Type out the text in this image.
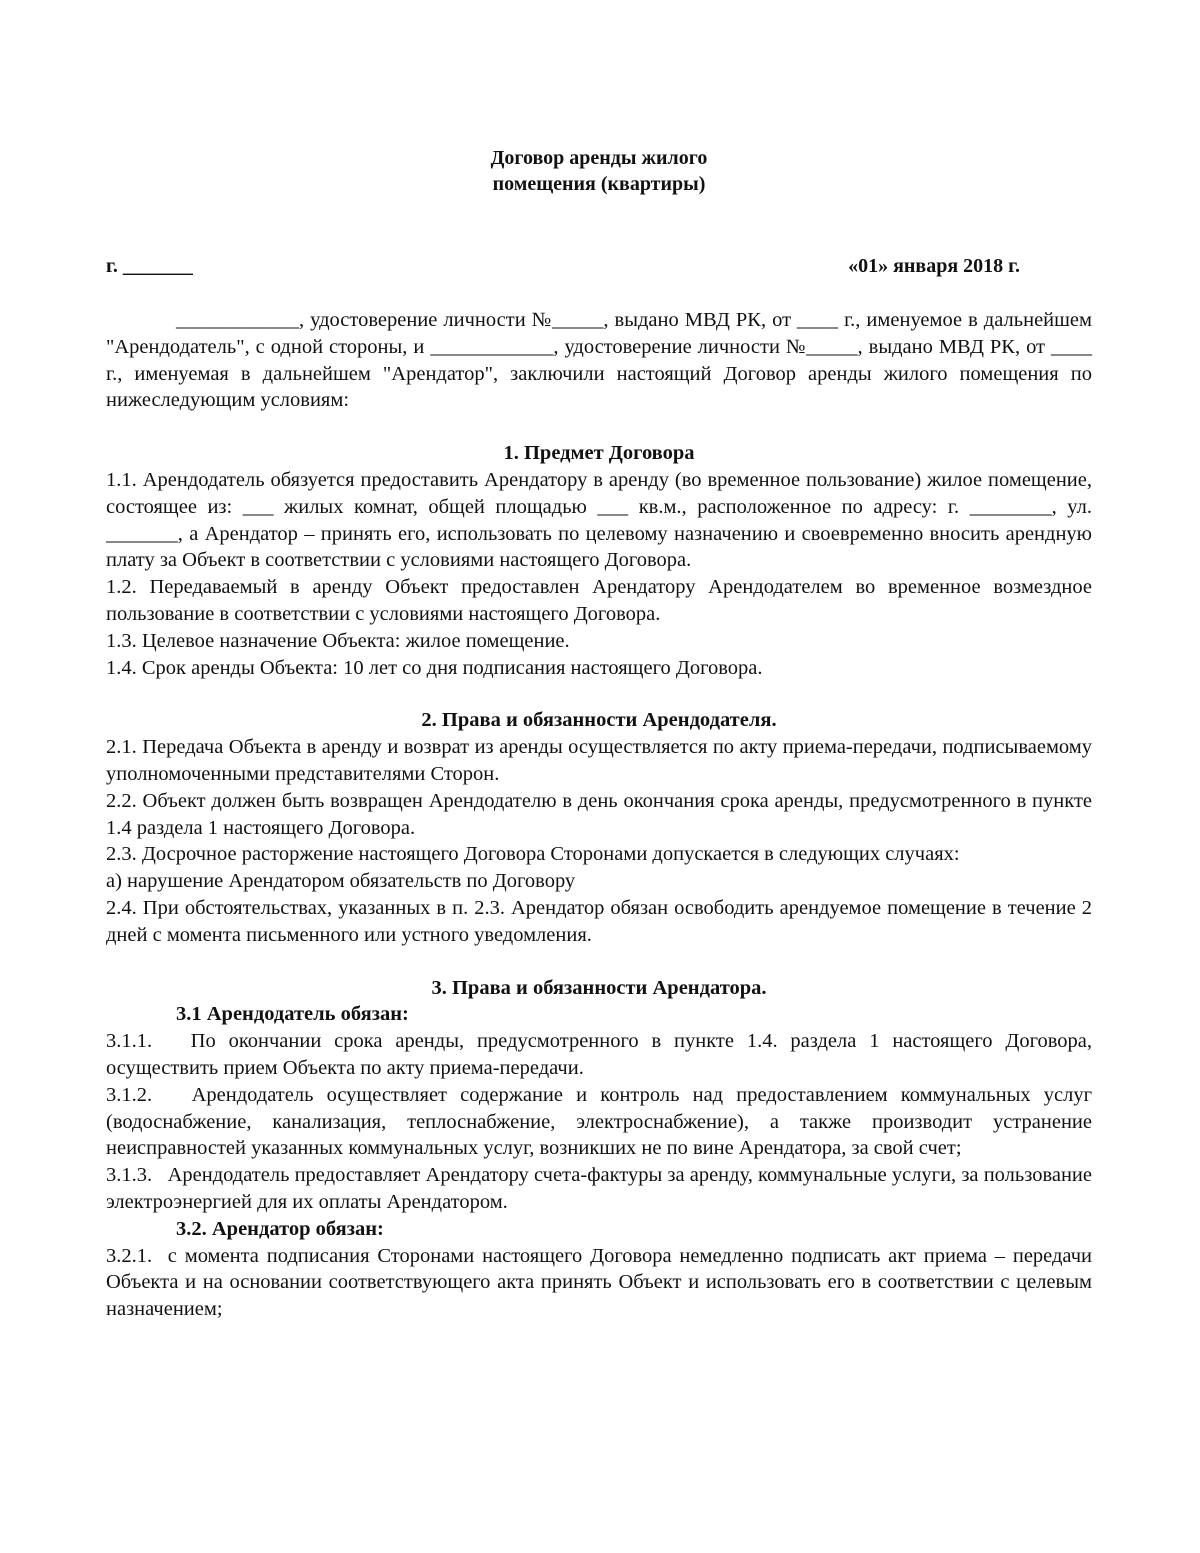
Договор аренды жилого
помещения (квартиры)
г. _______	«01» января 2018 г.

____________, удостоверение личности №_____, выдано МВД РК, от ____ г., именуемое в дальнейшем "Арендодатель", с одной стороны, и ____________, удостоверение личности №_____, выдано МВД РК, от ____ г., именуемая в дальнейшем "Арендатор", заключили настоящий Договор аренды жилого помещения по нижеследующим условиям:

1. Предмет Договора

1.1. Арендодатель обязуется предоставить Арендатору в аренду (во временное пользование) жилое помещение, состоящее из: ___ жилых комнат, общей площадью ___ кв.м., расположенное по адресу: г. ________, ул. _______, а Арендатор – принять его, использовать по целевому назначению и своевременно вносить арендную плату за Объект в соответствии с условиями настоящего Договора.

1.2. Передаваемый в аренду Объект предоставлен Арендатору Арендодателем во временное возмездное пользование в соответствии с условиями настоящего Договора.

1.3. Целевое назначение Объекта: жилое помещение.

1.4. Срок аренды Объекта: 10 лет со дня подписания настоящего Договора.

2. Права и обязанности Арендодателя.

2.1. Передача Объекта в аренду и возврат из аренды осуществляется по акту приема-передачи, подписываемому уполномоченными представителями Сторон.

2.2. Объект должен быть возвращен Арендодателю в день окончания срока аренды, предусмотренного в пункте 1.4 раздела 1 настоящего Договора.

2.3. Досрочное расторжение настоящего Договора Сторонами допускается в следующих случаях:

а) нарушение Арендатором обязательств по Договору

2.4. При обстоятельствах, указанных в п. 2.3. Арендатор обязан освободить арендуемое помещение в течение 2 дней с момента письменного или устного уведомления.

3. Права и обязанности Арендатора.

3.1 Арендодатель обязан:

3.1.1.   По окончании срока аренды, предусмотренного в пункте 1.4. раздела 1 настоящего Договора, осуществить прием Объекта по акту приема-передачи.

3.1.2.   Арендодатель осуществляет содержание и контроль над предоставлением коммунальных услуг (водоснабжение, канализация, теплоснабжение, электроснабжение), а также производит устранение неисправностей указанных коммунальных услуг, возникших не по вине Арендатора, за свой счет;

3.1.3.   Арендодатель предоставляет Арендатору счета-фактуры за аренду, коммунальные услуги, за пользование электроэнергией для их оплаты Арендатором.

3.2. Арендатор обязан:

3.2.1.  с момента подписания Сторонами настоящего Договора немедленно подписать акт приема – передачи Объекта и на основании соответствующего акта принять Объект и использовать его в соответствии с целевым назначением;
